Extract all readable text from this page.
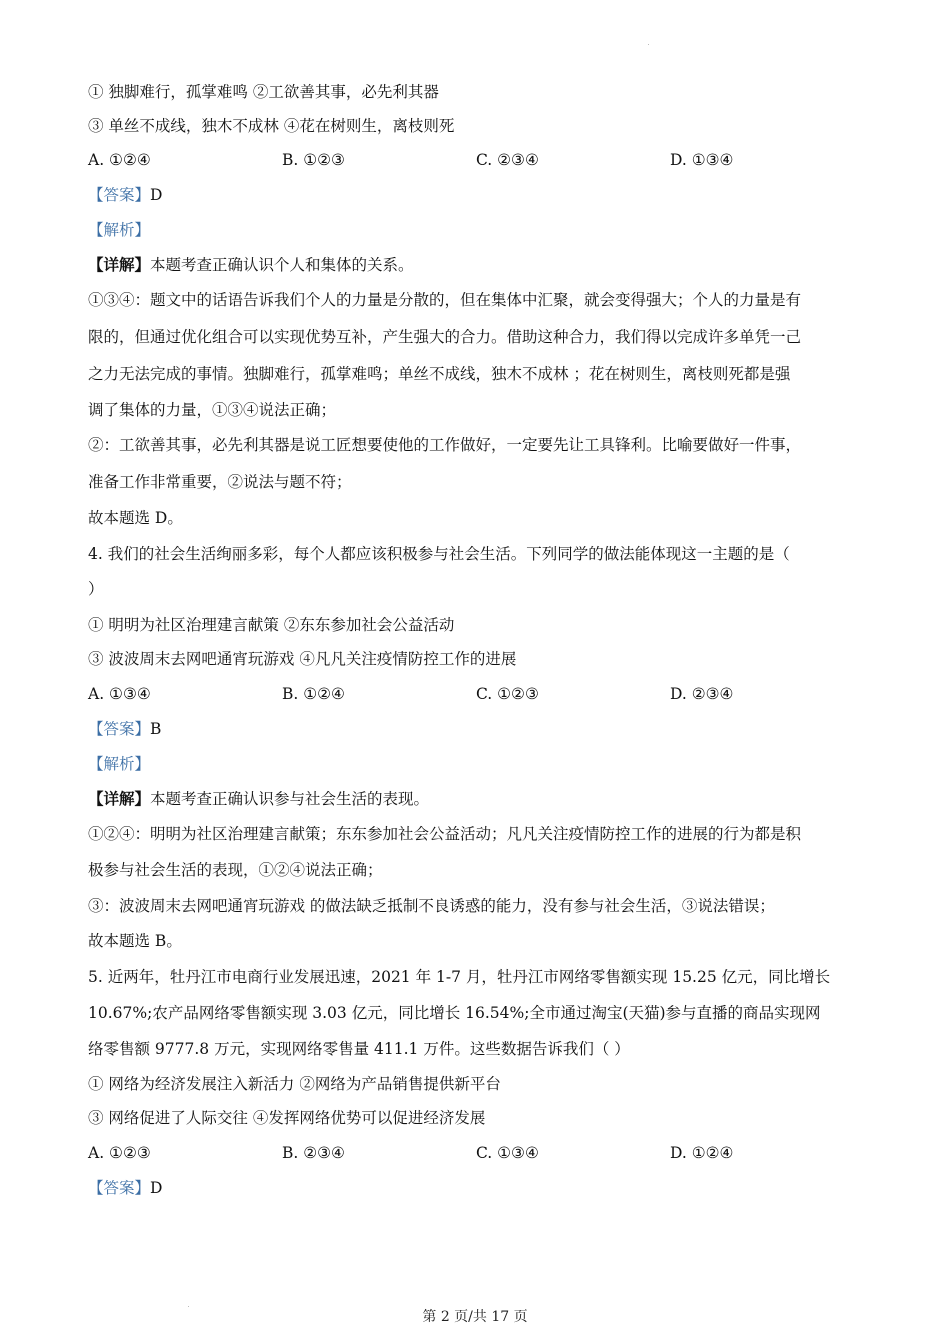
① 独脚难行，孤掌难鸣 ②工欲善其事，必先利其器
③ 单丝不成线，独木不成林 ④花在树则生，离枝则死
A. ①②④	B. ①②③	C. ②③④	D. ①③④
【答案】D
【解析】
【详解】本题考查正确认识个人和集体的关系。
①③④：题文中的话语告诉我们个人的力量是分散的，但在集体中汇聚，就会变得强大；个人的力量是有
限的，但通过优化组合可以实现优势互补，产生强大的合力。借助这种合力，我们得以完成许多单凭一己
之力无法完成的事情。独脚难行，孤掌难鸣；单丝不成线，独木不成林 ；花在树则生，离枝则死都是强
调了集体的力量，①③④说法正确；
②：工欲善其事，必先利其器是说工匠想要使他的工作做好，一定要先让工具锋利。比喻要做好一件事，
准备工作非常重要，②说法与题不符；
故本题选 D。
4. 我们的社会生活绚丽多彩，每个人都应该积极参与社会生活。下列同学的做法能体现这一主题的是（
）
① 明明为社区治理建言献策 ②东东参加社会公益活动
③ 波波周末去网吧通宵玩游戏 ④凡凡关注疫情防控工作的进展
A. ①③④	B. ①②④	C. ①②③	D. ②③④
【答案】B
【解析】
【详解】本题考查正确认识参与社会生活的表现。
①②④：明明为社区治理建言献策；东东参加社会公益活动；凡凡关注疫情防控工作的进展的行为都是积
极参与社会生活的表现，①②④说法正确；
③：波波周末去网吧通宵玩游戏 的做法缺乏抵制不良诱惑的能力，没有参与社会生活，③说法错误；
故本题选 B。
5. 近两年，牡丹江市电商行业发展迅速，2021 年 1-7 月，牡丹江市网络零售额实现 15.25 亿元，同比增长
10.67%;农产品网络零售额实现 3.03 亿元，同比增长 16.54%;全市通过淘宝(天猫)参与直播的商品实现网
络零售额 9777.8 万元，实现网络零售量 411.1 万件。这些数据告诉我们（ ）
① 网络为经济发展注入新活力 ②网络为产品销售提供新平台
③ 网络促进了人际交往 ④发挥网络优势可以促进经济发展
A. ①②③	B. ②③④	C. ①③④	D. ①②④
【答案】D
第 2 页/共 17 页
